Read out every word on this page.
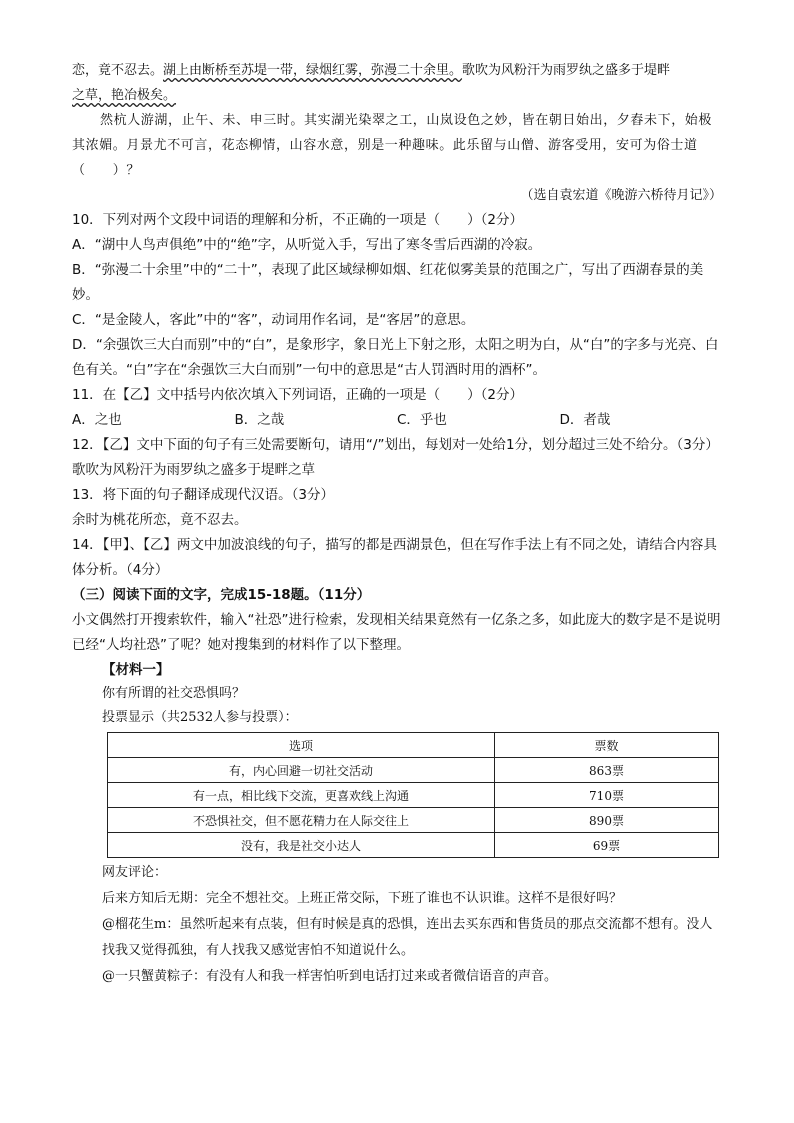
恋，竟不忍去。湖上由断桥至苏堤一带，绿烟红雾，弥漫二十余里。歌吹为风粉汗为雨罗纨之盛多于堤畔

之草，艳冶极矣。

然杭人游湖，止午、未、申三时。其实湖光染翠之工，山岚设色之妙，皆在朝日始出，夕舂未下，始极其浓媚。月景尤不可言，花态柳情，山容水意，别是一种趣味。此乐留与山僧、游客受用，安可为俗士道（　　）？

（选自袁宏道《晚游六桥待月记》）

10．下列对两个文段中词语的理解和分析，不正确的一项是（　　）（2分）

A．“湖中人鸟声俱绝”中的“绝”字，从听觉入手，写出了寒冬雪后西湖的冷寂。

B．“弥漫二十余里”中的“二十”，表现了此区域绿柳如烟、红花似雾美景的范围之广，写出了西湖春景的美妙。

C．“是金陵人，客此”中的“客”，动词用作名词，是“客居”的意思。

D．“余强饮三大白而别”中的“白”，是象形字，象日光上下射之形，太阳之明为白，从“白”的字多与光亮、白色有关。“白”字在“余强饮三大白而别”一句中的意思是“古人罚酒时用的酒杯”。

11．在【乙】文中括号内依次填入下列词语，正确的一项是（　　）（2分）

A．之也	B．之哉	C．乎也	D．者哉

12．【乙】文中下面的句子有三处需要断句，请用“/”划出，每划对一处给1分，划分超过三处不给分。（3分）

歌吹为风粉汗为雨罗纨之盛多于堤畔之草

13．将下面的句子翻译成现代汉语。（3分）

余时为桃花所恋，竟不忍去。

14．【甲】、【乙】两文中加波浪线的句子，描写的都是西湖景色，但在写作手法上有不同之处，请结合内容具体分析。（4分）

（三）阅读下面的文字，完成15-18题。（11分）

小文偶然打开搜索软件，输入“社恐”进行检索，发现相关结果竟然有一亿条之多，如此庞大的数字是不是说明已经“人均社恐”了呢？她对搜集到的材料作了以下整理。

【材料一】

你有所谓的社交恐惧吗？

投票显示（共2532人参与投票）：

选项	票数
有，内心回避一切社交活动	863票
有一点，相比线下交流，更喜欢线上沟通	710票
不恐惧社交，但不愿花精力在人际交往上	890票
没有，我是社交小达人	69票

网友评论：

后来方知后无期：完全不想社交。上班正常交际，下班了谁也不认识谁。这样不是很好吗？

@榴花生m：虽然听起来有点装，但有时候是真的恐惧，连出去买东西和售货员的那点交流都不想有。没人找我又觉得孤独，有人找我又感觉害怕不知道说什么。

@一只蟹黄粽子：有没有人和我一样害怕听到电话打过来或者微信语音的声音。
